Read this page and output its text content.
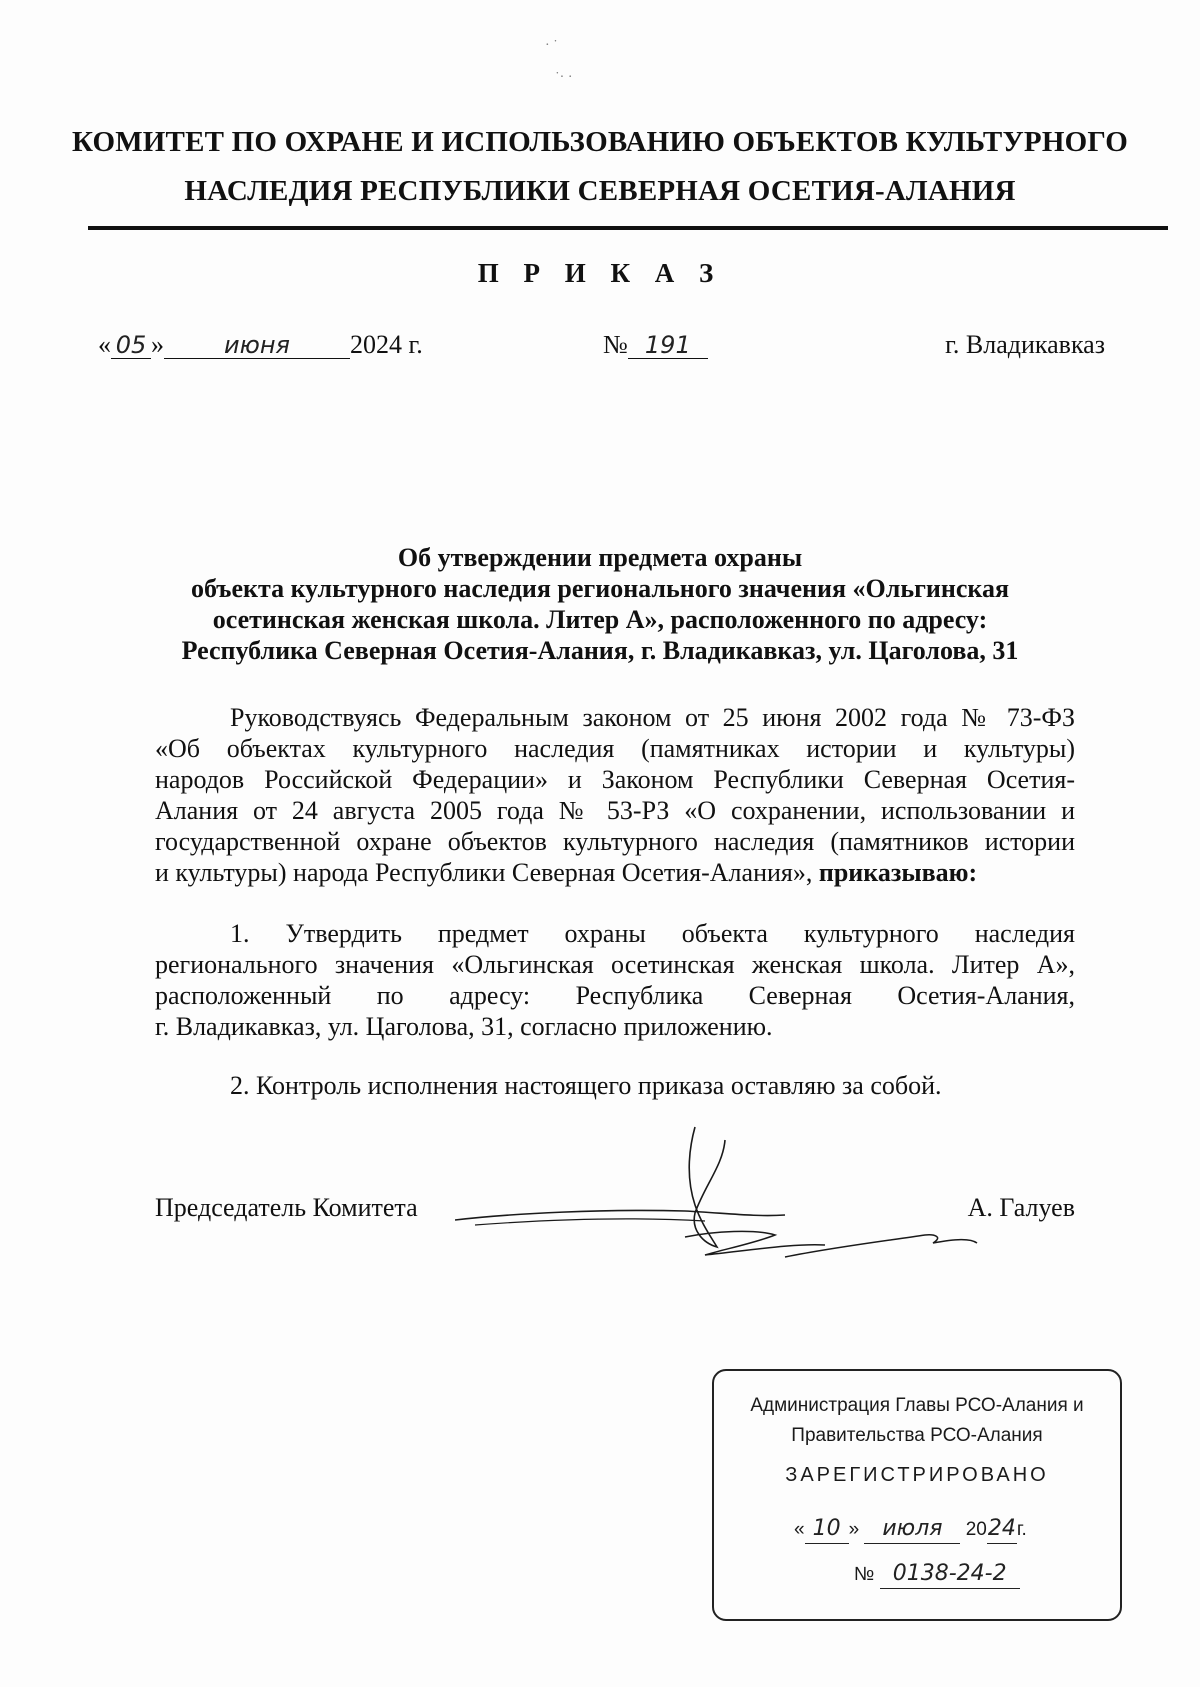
· ˙
˙· ·
КОМИТЕТ ПО ОХРАНЕ И ИСПОЛЬЗОВАНИЮ ОБЪЕКТОВ КУЛЬТУРНОГО
НАСЛЕДИЯ РЕСПУБЛИКИ СЕВЕРНАЯ ОСЕТИЯ-АЛАНИЯ
П Р И К А З
« 05 »	июня 2024 г.	№ 191	г. Владикавказ
Об утверждении предмета охраны
объекта культурного наследия регионального значения «Ольгинская
осетинская женская школа. Литер А», расположенного по адресу:
Республика Северная Осетия-Алания, г. Владикавказ, ул. Цаголова, 31
Руководствуясь Федеральным законом от 25 июня 2002 года № 73-ФЗ
«Об объектах культурного наследия (памятниках истории и культуры)
народов Российской Федерации» и Законом Республики Северная Осетия-
Алания от 24 августа 2005 года № 53-РЗ «О сохранении, использовании и
государственной охране объектов культурного наследия (памятников истории
и культуры) народа Республики Северная Осетия-Алания», приказываю:
1. Утвердить предмет охраны объекта культурного наследия
регионального значения «Ольгинская осетинская женская школа. Литер А»,
расположенный по адресу: Республика Северная Осетия-Алания,
г. Владикавказ, ул. Цаголова, 31, согласно приложению.
2. Контроль исполнения настоящего приказа оставляю за собой.
Председатель Комитета	А. Галуев
Администрация Главы РСО-Алания и
Правительства РСО-Алания
ЗАРЕГИСТРИРОВАНО
« 10 » июля 2024г.
№ 0138-24-2
